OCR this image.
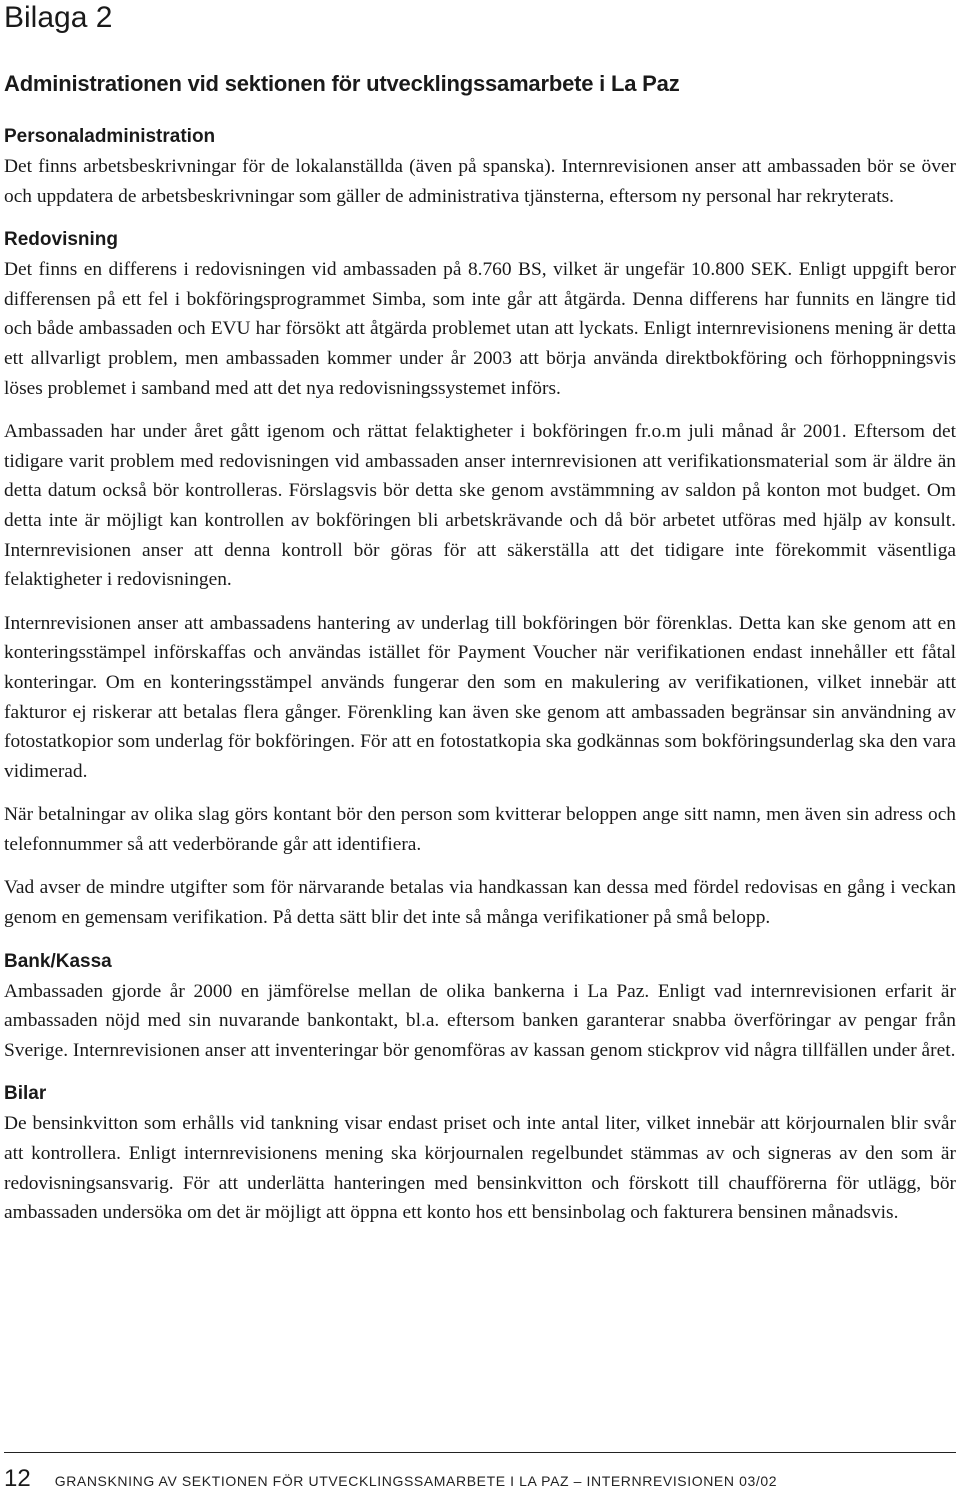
Bilaga 2
Administrationen vid sektionen för utvecklingssamarbete i La Paz
Personaladministration

Det finns arbetsbeskrivningar för de lokalanställda (även på spanska). Internrevisionen anser att ambassaden bör se över och uppdatera de arbetsbeskrivningar som gäller de administrativa tjänsterna, eftersom ny personal har rekryterats.

Redovisning

Det finns en differens i redovisningen vid ambassaden på 8.760 BS, vilket är ungefär 10.800 SEK. Enligt uppgift beror differensen på ett fel i bokföringsprogrammet Simba, som inte går att åtgärda. Denna differens har funnits en längre tid och både ambassaden och EVU har försökt att åtgärda problemet utan att lyckats. Enligt internrevisionens mening är detta ett allvarligt problem, men ambassaden kommer under år 2003 att börja använda direktbokföring och förhoppningsvis löses problemet i samband med att det nya redovisningssystemet införs.

Ambassaden har under året gått igenom och rättat felaktigheter i bokföringen fr.o.m juli månad år 2001. Eftersom det tidigare varit problem med redovisningen vid ambassaden anser internrevisionen att verifikationsmaterial som är äldre än detta datum också bör kontrolleras. Förslagsvis bör detta ske genom avstämmning av saldon på konton mot budget. Om detta inte är möjligt kan kontrollen av bokföringen bli arbetskrävande och då bör arbetet utföras med hjälp av konsult. Internrevisionen anser att denna kontroll bör göras för att säkerställa att det tidigare inte förekommit väsentliga felaktigheter i redovisningen.

Internrevisionen anser att ambassadens hantering av underlag till bokföringen bör förenklas. Detta kan ske genom att en konteringsstämpel införskaffas och användas istället för Payment Voucher när verifikationen endast innehåller ett fåtal konteringar. Om en konteringsstämpel används fungerar den som en makulering av verifikationen, vilket innebär att fakturor ej riskerar att betalas flera gånger. Förenkling kan även ske genom att ambassaden begränsar sin användning av fotostatkopior som underlag för bokföringen. För att en fotostatkopia ska godkännas som bokföringsunderlag ska den vara vidimerad.

När betalningar av olika slag görs kontant bör den person som kvitterar beloppen ange sitt namn, men även sin adress och telefonnummer så att vederbörande går att identifiera.

Vad avser de mindre utgifter som för närvarande betalas via handkassan kan dessa med fördel redovisas en gång i veckan genom en gemensam verifikation. På detta sätt blir det inte så många verifikationer på små belopp.

Bank/Kassa

Ambassaden gjorde år 2000 en jämförelse mellan de olika bankerna i La Paz. Enligt vad internrevisionen erfarit är ambassaden nöjd med sin nuvarande bankontakt, bl.a. eftersom banken garanterar snabba överföringar av pengar från Sverige. Internrevisionen anser att inventeringar bör genomföras av kassan genom stickprov vid några tillfällen under året.

Bilar

De bensinkvitton som erhålls vid tankning visar endast priset och inte antal liter, vilket innebär att körjournalen blir svår att kontrollera. Enligt internrevisionens mening ska körjournalen regelbundet stämmas av och signeras av den som är redovisningsansvarig. För att underlätta hanteringen med bensinkvitton och förskott till chaufförerna för utlägg, bör ambassaden undersöka om det är möjligt att öppna ett konto hos ett bensinbolag och fakturera bensinen månadsvis.

12 GRANSKNING AV SEKTIONEN FÖR UTVECKLINGSSAMARBETE I LA PAZ – INTERNREVISIONEN 03/02
